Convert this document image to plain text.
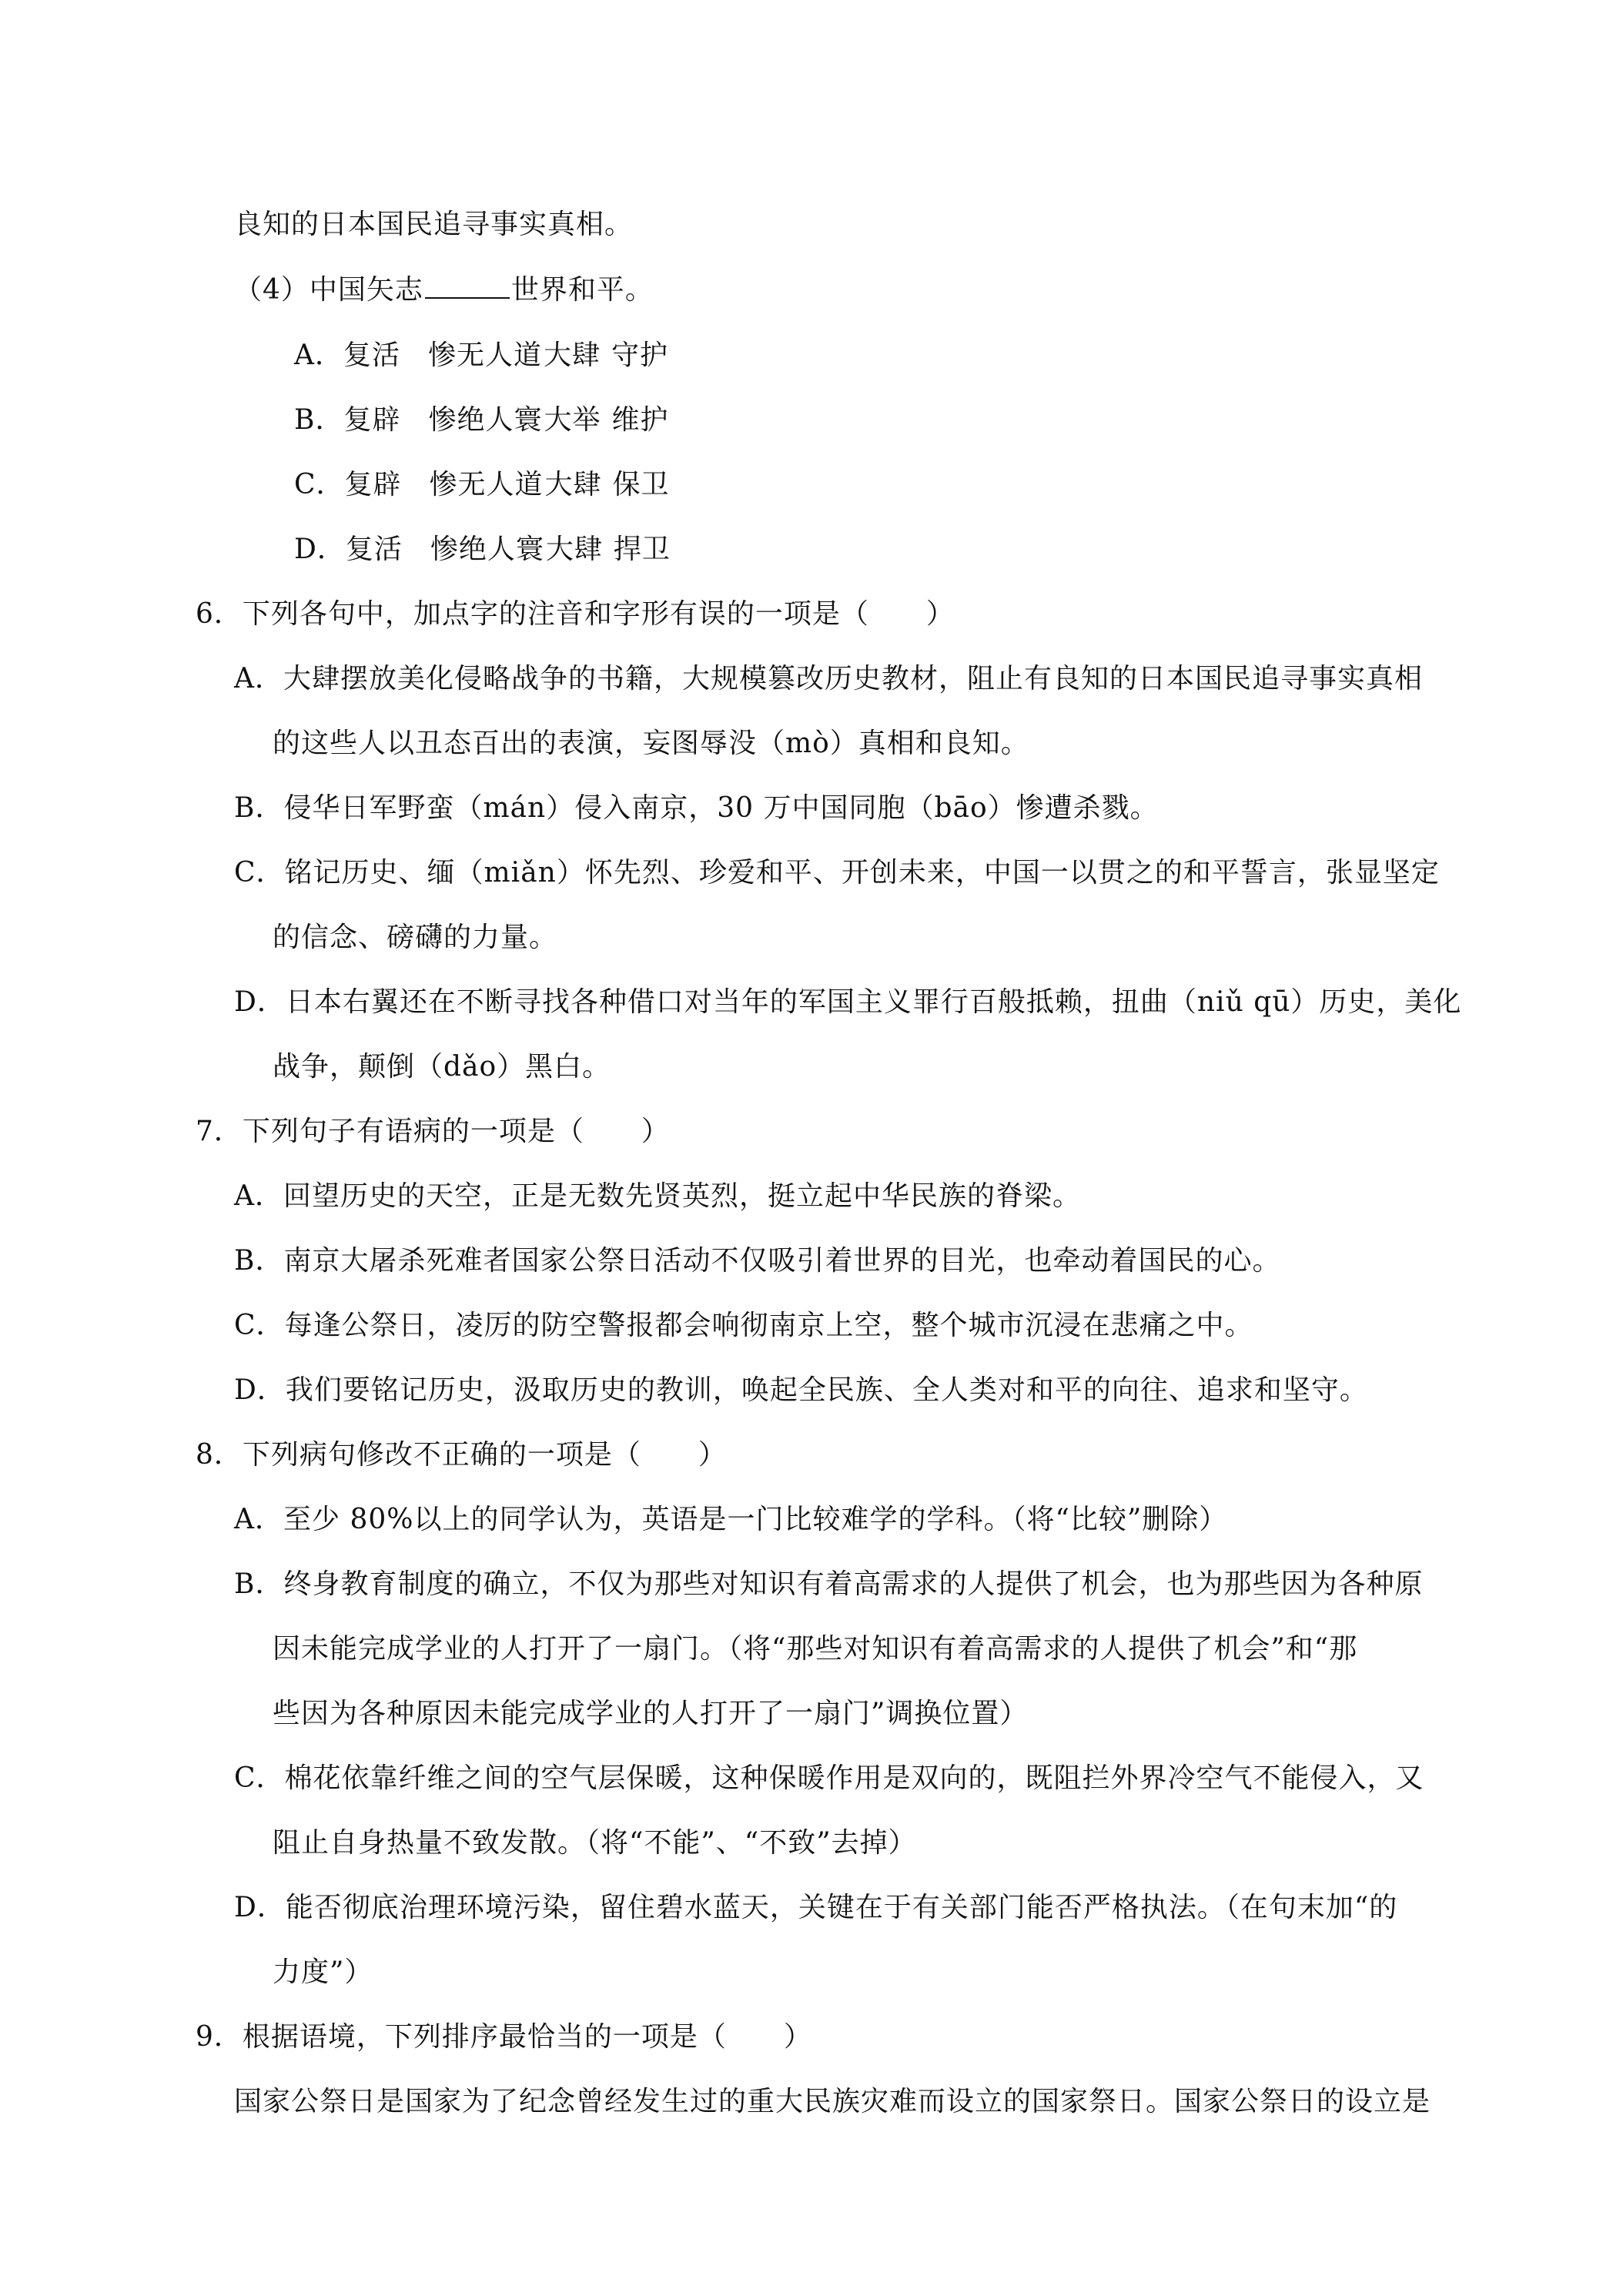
良知的日本国民追寻事实真相。
（4）中国矢志	世界和平。
A．复活 惨无人道大肆 守护
B．复辟 惨绝人寰大举 维护
C．复辟 惨无人道大肆 保卫
D．复活 惨绝人寰大肆 捍卫
6．下列各句中，加点字的注音和字形有误的一项是（　　）
A．大肆摆放美化侵略战争的书籍，大规模篡改历史教材，阻止有良知的日本国民追寻事实真相
的这些人以丑态百出的表演，妄图辱没（mò）真相和良知。
B．侵华日军野蛮（mán）侵入南京，30 万中国同胞（bāo）惨遭杀戮。
C．铭记历史、缅（miǎn）怀先烈、珍爱和平、开创未来，中国一以贯之的和平誓言，张显坚定
的信念、磅礴的力量。
D．日本右翼还在不断寻找各种借口对当年的军国主义罪行百般抵赖，扭曲（niǔ qū）历史，美化
战争，颠倒（dǎo）黑白。
7．下列句子有语病的一项是（　　）
A．回望历史的天空，正是无数先贤英烈，挺立起中华民族的脊梁。
B．南京大屠杀死难者国家公祭日活动不仅吸引着世界的目光，也牵动着国民的心。
C．每逢公祭日，凌厉的防空警报都会响彻南京上空，整个城市沉浸在悲痛之中。
D．我们要铭记历史，汲取历史的教训，唤起全民族、全人类对和平的向往、追求和坚守。
8．下列病句修改不正确的一项是（　　）
A．至少 80%以上的同学认为，英语是一门比较难学的学科。（将“比较”删除）
B．终身教育制度的确立，不仅为那些对知识有着高需求的人提供了机会，也为那些因为各种原
因未能完成学业的人打开了一扇门。（将“那些对知识有着高需求的人提供了机会”和“那
些因为各种原因未能完成学业的人打开了一扇门”调换位置）
C．棉花依靠纤维之间的空气层保暖，这种保暖作用是双向的，既阻拦外界冷空气不能侵入，又
阻止自身热量不致发散。（将“不能”、“不致”去掉）
D．能否彻底治理环境污染，留住碧水蓝天，关键在于有关部门能否严格执法。（在句末加“的
力度”）
9．根据语境，下列排序最恰当的一项是（　　）
国家公祭日是国家为了纪念曾经发生过的重大民族灾难而设立的国家祭日。国家公祭日的设立是
